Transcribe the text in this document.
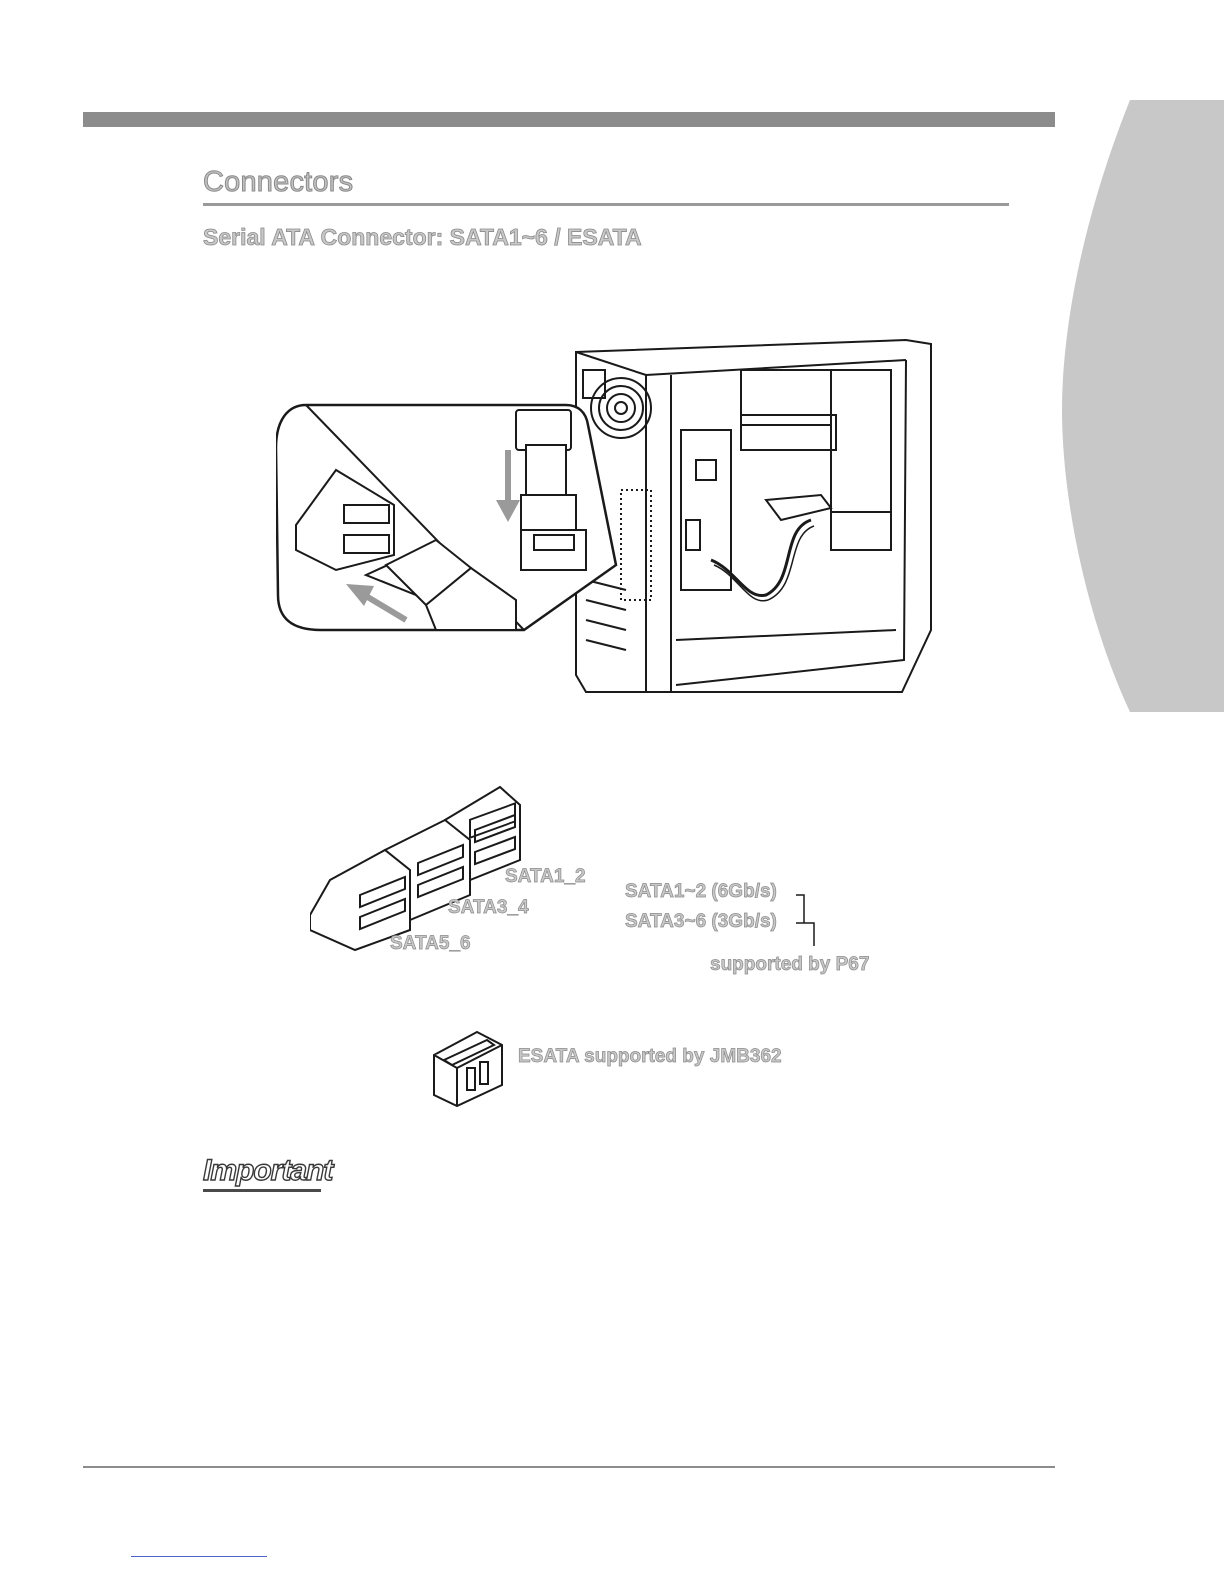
Connectors
Serial ATA Connector: SATA1~6 / ESATA
SATA1_2
SATA3_4
SATA5_6
SATA1~2 (6Gb/s)
SATA3~6 (3Gb/s)
supported by P67
ESATA supported by JMB362
Important
